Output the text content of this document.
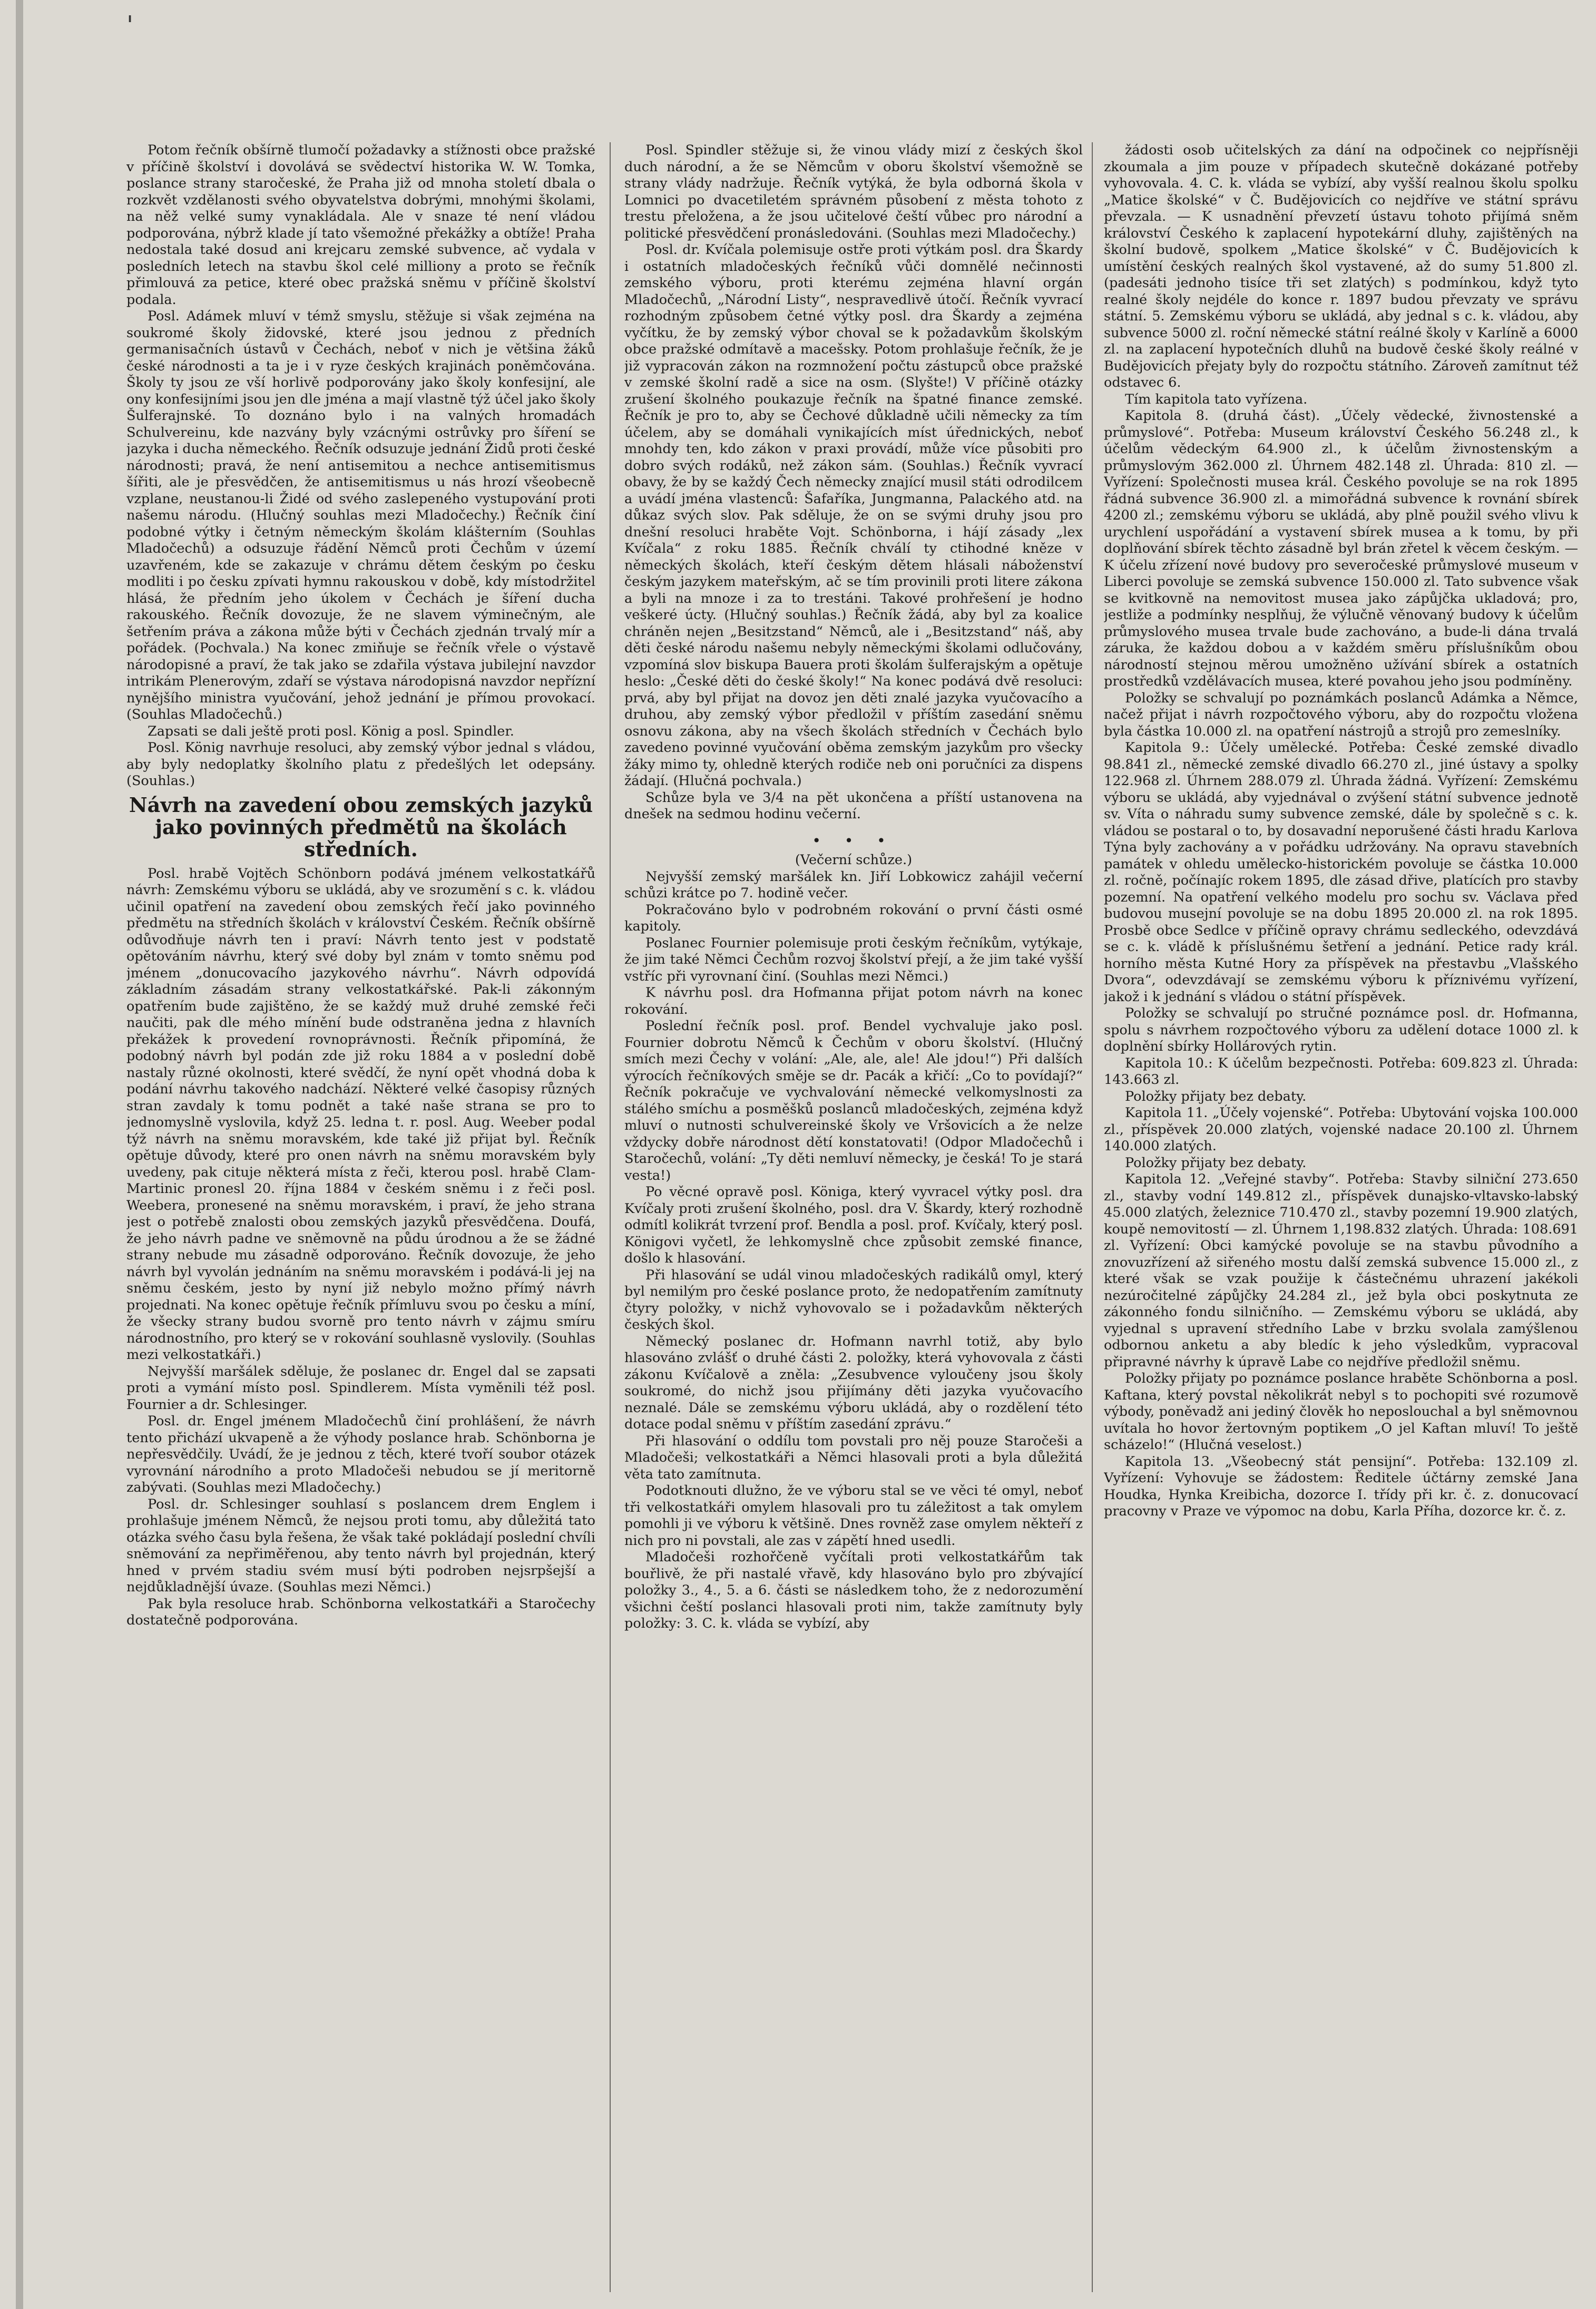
'

Potom řečník obšírně tlumočí požadavky a stížnosti obce pražské v příčině školství i dovolává se svědectví historika W. W. Tomka, poslance strany staročeské, že Praha již od mnoha století dbala o rozkvět vzdělanosti svého obyvatelstva dobrými, mnohými školami, na něž velké sumy vynakládala. Ale v snaze té není vládou podporována, nýbrž klade jí tato všemožné překážky a obtíže! Praha nedostala také dosud ani krejcaru zemské subvence, ač vydala v posledních letech na stavbu škol celé milliony a proto se řečník přimlouvá za petice, které obec pražská sněmu v příčině školství podala.

Posl. Adámek mluví v témž smyslu, stěžuje si však zejména na soukromé školy židovské, které jsou jednou z předních germanisačních ústavů v Čechách, neboť v nich je většina žáků české národnosti a ta je i v ryze českých krajinách poněmčována. Školy ty jsou ze vší horlivě podporovány jako školy konfesijní, ale ony konfesijními jsou jen dle jména a mají vlastně týž účel jako školy Šulferajnské. To doznáno bylo i na valných hromadách Schulvereinu, kde nazvány byly vzácnými ostrůvky pro šíření se jazyka i ducha německého. Řečník odsuzuje jednání Židů proti české národnosti; pravá, že není antisemitou a nechce antisemitismus šířiti, ale je přesvědčen, že antisemitismus u nás hrozí všeobecně vzplane, neustanou-li Židé od svého zaslepeného vystupování proti našemu národu. (Hlučný souhlas mezi Mladočechy.) Řečník činí podobné výtky i četným německým školám klášterním (Souhlas Mladočechů) a odsuzuje řádění Němců proti Čechům v území uzavřeném, kde se zakazuje v chrámu dětem českým po česku modliti i po česku zpívati hymnu rakouskou v době, kdy místodržitel hlásá, že předním jeho úkolem v Čechách je šíření ducha rakouského. Řečník dovozuje, že ne slavem výminečným, ale šetřením práva a zákona může býti v Čechách zjednán trvalý mír a pořádek. (Pochvala.) Na konec zmiňuje se řečník vřele o výstavě národopisné a praví, že tak jako se zdařila výstava jubilejní navzdor intrikám Plenerovým, zdaří se výstava národopisná navzdor nepřízní nynějšího ministra vyučování, jehož jednání je přímou provokací. (Souhlas Mladočechů.)

Zapsati se dali ještě proti posl. König a posl. Spindler.

Posl. König navrhuje resoluci, aby zemský výbor jednal s vládou, aby byly nedoplatky školního platu z předešlých let odepsány. (Souhlas.)

Návrh na zavedení obou zemských jazyků jako povinných předmětů na školách středních.

Posl. hrabě Vojtěch Schönborn podává jménem velkostatkářů návrh: Zemskému výboru se ukládá, aby ve srozumění s c. k. vládou učinil opatření na zavedení obou zemských řečí jako povinného předmětu na středních školách v království Českém. Řečník obšírně odůvodňuje návrh ten i praví: Návrh tento jest v podstatě opětováním návrhu, který své doby byl znám v tomto sněmu pod jménem „donucovacího jazykového návrhu“. Návrh odpovídá základním zásadám strany velkostatkářské. Pak-li zákonným opatřením bude zajištěno, že se každý muž druhé zemské řeči naučiti, pak dle mého mínění bude odstraněna jedna z hlavních překážek k provedení rovnoprávnosti. Řečník připomíná, že podobný návrh byl podán zde již roku 1884 a v poslední době nastaly různé okolnosti, které svědčí, že nyní opět vhodná doba k podání návrhu takového nadchází. Některé velké časopisy různých stran zavdaly k tomu podnět a také naše strana se pro to jednomyslně vyslovila, když 25. ledna t. r. posl. Aug. Weeber podal týž návrh na sněmu moravském, kde také již přijat byl. Řečník opětuje důvody, které pro onen návrh na sněmu moravském byly uvedeny, pak cituje některá místa z řeči, kterou posl. hrabě Clam-Martinic pronesl 20. října 1884 v českém sněmu i z řeči posl. Weebera, pronesené na sněmu moravském, i praví, že jeho strana jest o potřebě znalosti obou zemských jazyků přesvědčena. Doufá, že jeho návrh padne ve sněmovně na půdu úrodnou a že se žádné strany nebude mu zásadně odporováno. Řečník dovozuje, že jeho návrh byl vyvolán jednáním na sněmu moravském i podává-li jej na sněmu českém, jesto by nyní již nebylo možno přímý návrh projednati. Na konec opětuje řečník přímluvu svou po česku a míní, že všecky strany budou svorně pro tento návrh v zájmu smíru národnostního, pro který se v rokování souhlasně vyslovily. (Souhlas mezi velkostatkáři.)

Nejvyšší maršálek sděluje, že poslanec dr. Engel dal se zapsati proti a vymání místo posl. Spindlerem. Místa vyměnili též posl. Fournier a dr. Schlesinger.

Posl. dr. Engel jménem Mladočechů činí prohlášení, že návrh tento přichází ukvapeně a že výhody poslance hrab. Schönborna je nepřesvědčily. Uvádí, že je jednou z těch, které tvoří soubor otázek vyrovnání národního a proto Mladočeši nebudou se jí meritorně zabývati. (Souhlas mezi Mladočechy.)

Posl. dr. Schlesinger souhlasí s poslancem drem Englem i prohlašuje jménem Němců, že nejsou proti tomu, aby důležitá tato otázka svého času byla řešena, že však také pokládají poslední chvíli sněmování za nepřiměřenou, aby tento návrh byl projednán, který hned v prvém stadiu svém musí býti podroben nejsrpšejší a nejdůkladnější úvaze. (Souhlas mezi Němci.)

Pak byla resoluce hrab. Schönborna velkostatkáři a Staročechy dostatečně podporována.

Posl. Spindler stěžuje si, že vinou vlády mizí z českých škol duch národní, a že se Němcům v oboru školství všemožně se strany vlády nadržuje. Řečník vytýká, že byla odborná škola v Lomnici po dvacetiletém správném působení z města tohoto z trestu přeložena, a že jsou učitelové čeští vůbec pro národní a politické přesvědčení pronásledováni. (Souhlas mezi Mladočechy.)

Posl. dr. Kvíčala polemisuje ostře proti výtkám posl. dra Škardy i ostatních mladočeských řečníků vůči domnělé nečinnosti zemského výboru, proti kterému zejména hlavní orgán Mladočechů, „Národní Listy“, nespravedlivě útočí. Řečník vyvrací rozhodným způsobem četné výtky posl. dra Škardy a zejména vyčítku, že by zemský výbor choval se k požadavkům školským obce pražské odmítavě a macešsky. Potom prohlašuje řečník, že je již vypracován zákon na rozmnožení počtu zástupců obce pražské v zemské školní radě a sice na osm. (Slyšte!) V příčině otázky zrušení školného poukazuje řečník na špatné finance zemské. Řečník je pro to, aby se Čechové důkladně učili německy za tím účelem, aby se domáhali vynikajících míst úřednických, neboť mnohdy ten, kdo zákon v praxi provádí, může více působiti pro dobro svých rodáků, než zákon sám. (Souhlas.) Řečník vyvrací obavy, že by se každý Čech německy znající musil státi odrodilcem a uvádí jména vlastenců: Šafaříka, Jungmanna, Palackého atd. na důkaz svých slov. Pak sděluje, že on se svými druhy jsou pro dnešní resoluci hraběte Vojt. Schönborna, i hájí zásady „lex Kvíčala“ z roku 1885. Řečník chválí ty ctihodné kněze v německých školách, kteří českým dětem hlásali náboženství českým jazykem mateřským, ač se tím provinili proti litere zákona a byli na mnoze i za to trestáni. Takové prohřešení je hodno veškeré úcty. (Hlučný souhlas.) Řečník žádá, aby byl za koalice chráněn nejen „Besitzstand“ Němců, ale i „Besitzstand“ náš, aby děti české národu našemu nebyly německými školami odlučovány, vzpomíná slov biskupa Bauera proti školám šulferajským a opětuje heslo: „České děti do české školy!“ Na konec podává dvě resoluci: prvá, aby byl přijat na dovoz jen děti znalé jazyka vyučovacího a druhou, aby zemský výbor předložil v příštím zasedání sněmu osnovu zákona, aby na všech školách středních v Čechách bylo zavedeno povinné vyučování oběma zemským jazykům pro všecky žáky mimo ty, ohledně kterých rodiče neb oni poručníci za dispens žádají. (Hlučná pochvala.)

Schůze byla ve 3/4 na pět ukončena a příští ustanovena na dnešek na sedmou hodinu večerní.

• • •

(Večerní schůze.)

Nejvyšší zemský maršálek kn. Jiří Lobkowicz zahájil večerní schůzi krátce po 7. hodině večer.

Pokračováno bylo v podrobném rokování o první části osmé kapitoly.

Poslanec Fournier polemisuje proti českým řečníkům, vytýkaje, že jim také Němci Čechům rozvoj školství přejí, a že jim také vyšší vstříc při vyrovnaní činí. (Souhlas mezi Němci.)

K návrhu posl. dra Hofmanna přijat potom návrh na konec rokování.

Poslední řečník posl. prof. Bendel vychvaluje jako posl. Fournier dobrotu Němců k Čechům v oboru školství. (Hlučný smích mezi Čechy v volání: „Ale, ale, ale! Ale jdou!“) Při dalších výrocích řečníkových směje se dr. Pacák a křičí: „Co to povídají?“ Řečník pokračuje ve vychvalování německé velkomyslnosti za stálého smíchu a posměšků poslanců mladočeských, zejména když mluví o nutnosti schulvereinské školy ve Vršovicích a že nelze vždycky dobře národnost dětí konstatovati! (Odpor Mladočechů i Staročechů, volání: „Ty děti nemluví německy, je česká! To je stará vesta!)

Po věcné opravě posl. Königa, který vyvracel výtky posl. dra Kvíčaly proti zrušení školného, posl. dra V. Škardy, který rozhodně odmítl kolikrát tvrzení prof. Bendla a posl. prof. Kvíčaly, který posl. Königovi vyčetl, že lehkomyslně chce způsobit zemské finance, došlo k hlasování.

Při hlasování se udál vinou mladočeských radikálů omyl, který byl nemilým pro české poslance proto, že nedopatřením zamítnuty čtyry položky, v nichž vyhovovalo se i požadavkům některých českých škol.

Německý poslanec dr. Hofmann navrhl totiž, aby bylo hlasováno zvlášť o druhé části 2. položky, která vyhovovala z části zákonu Kvíčalově a zněla: „Zesubvence vyloučeny jsou školy soukromé, do nichž jsou přijímány děti jazyka vyučovacího neznalé. Dále se zemskému výboru ukládá, aby o rozdělení této dotace podal sněmu v příštím zasedání zprávu.“

Při hlasování o oddílu tom povstali pro něj pouze Staročeši a Mladočeši; velkostatkáři a Němci hlasovali proti a byla důležitá věta tato zamítnuta.

Podotknouti dlužno, že ve výboru stal se ve věci té omyl, neboť tři velkostatkáři omylem hlasovali pro tu záležitost a tak omylem pomohli ji ve výboru k většině. Dnes rovněž zase omylem někteří z nich pro ni povstali, ale zas v zápětí hned usedli.

Mladočeši rozhořčeně vyčítali proti velkostatkářům tak bouřlivě, že při nastalé vřavě, kdy hlasováno bylo pro zbývající položky 3., 4., 5. a 6. části se následkem toho, že z nedorozumění všichni čeští poslanci hlasovali proti nim, takže zamítnuty byly položky: 3. C. k. vláda se vybízí, aby

žádosti osob učitelských za dání na odpočinek co nejpřísněji zkoumala a jim pouze v případech skutečně dokázané potřeby vyhovovala. 4. C. k. vláda se vybízí, aby vyšší realnou školu spolku „Matice školské“ v Č. Budějovicích co nejdříve ve státní správu převzala. — K usnadnění převzetí ústavu tohoto přijímá sněm království Českého k zaplacení hypotekární dluhy, zajištěných na školní budově, spolkem „Matice školské“ v Č. Budějovicích k umístění českých realných škol vystavené, až do sumy 51.800 zl. (padesáti jednoho tisíce tři set zlatých) s podmínkou, když tyto realné školy nejdéle do konce r. 1897 budou převzaty ve správu státní. 5. Zemskému výboru se ukládá, aby jednal s c. k. vládou, aby subvence 5000 zl. roční německé státní reálné školy v Karlíně a 6000 zl. na zaplacení hypotečních dluhů na budově české školy reálné v Budějovicích přejaty byly do rozpočtu státního. Zároveň zamítnut též odstavec 6.

Tím kapitola tato vyřízena.

Kapitola 8. (druhá část). „Účely vědecké, živnostenské a průmyslové“. Potřeba: Museum království Českého 56.248 zl., k účelům vědeckým 64.900 zl., k účelům živnostenským a průmyslovým 362.000 zl. Úhrnem 482.148 zl. Úhrada: 810 zl. — Vyřízení: Společnosti musea král. Českého povoluje se na rok 1895 řádná subvence 36.900 zl. a mimořádná subvence k rovnání sbírek 4200 zl.; zemskému výboru se ukládá, aby plně použil svého vlivu k urychlení uspořádání a vystavení sbírek musea a k tomu, by při doplňování sbírek těchto zásadně byl brán zřetel k věcem českým. — K účelu zřízení nové budovy pro severočeské průmyslové museum v Liberci povoluje se zemská subvence 150.000 zl. Tato subvence však se kvitkovně na nemovitost musea jako zápůjčka ukladová; pro, jestliže a podmínky nesplňuj, že výlučně věnovaný budovy k účelům průmyslového musea trvale bude zachováno, a bude-li dána trvalá záruka, že každou dobou a v každém směru příslušníkům obou národností stejnou měrou umožněno užívání sbírek a ostatních prostředků vzdělávacích musea, které povahou jeho jsou podmíněny.

Položky se schvalují po poznámkách poslanců Adámka a Němce, načež přijat i návrh rozpočtového výboru, aby do rozpočtu vložena byla částka 10.000 zl. na opatření nástrojů a strojů pro zemeslníky.

Kapitola 9.: Účely umělecké. Potřeba: České zemské divadlo 98.841 zl., německé zemské divadlo 66.270 zl., jiné ústavy a spolky 122.968 zl. Úhrnem 288.079 zl. Úhrada žádná. Vyřízení: Zemskému výboru se ukládá, aby vyjednával o zvýšení státní subvence jednotě sv. Víta o náhradu sumy subvence zemské, dále by společně s c. k. vládou se postaral o to, by dosavadní neporušené části hradu Karlova Týna byly zachovány a v pořádku udržovány. Na opravu stavebních památek v ohledu umělecko-historickém povoluje se částka 10.000 zl. ročně, počínajíc rokem 1895, dle zásad dřive, platících pro stavby pozemní. Na opatření velkého modelu pro sochu sv. Václava před budovou musejní povoluje se na dobu 1895 20.000 zl. na rok 1895. Prosbě obce Sedlce v příčině opravy chrámu sedleckého, odevzdává se c. k. vládě k příslušnému šetření a jednání. Petice rady král. horního města Kutné Hory za příspěvek na přestavbu „Vlašského Dvora“, odevzdávají se zemskému výboru k příznivému vyřízení, jakož i k jednání s vládou o státní příspěvek.

Položky se schvalují po stručné poznámce posl. dr. Hofmanna, spolu s návrhem rozpočtového výboru za udělení dotace 1000 zl. k doplnění sbírky Hollárových rytin.

Kapitola 10.: K účelům bezpečnosti. Potřeba: 609.823 zl. Úhrada: 143.663 zl.

Položky přijaty bez debaty.

Kapitola 11. „Účely vojenské“. Potřeba: Ubytování vojska 100.000 zl., příspěvek 20.000 zlatých, vojenské nadace 20.100 zl. Úhrnem 140.000 zlatých.

Položky přijaty bez debaty.

Kapitola 12. „Veřejné stavby“. Potřeba: Stavby silniční 273.650 zl., stavby vodní 149.812 zl., příspěvek dunajsko-vltavsko-labský 45.000 zlatých, železnice 710.470 zl., stavby pozemní 19.900 zlatých, koupě nemovitostí — zl. Úhrnem 1,198.832 zlatých. Úhrada: 108.691 zl. Vyřízení: Obci kamýcké povoluje se na stavbu původního a znovuzřízení až siřeného mostu další zemská subvence 15.000 zl., z které však se vzak použije k částečnému uhrazení jakékoli nezúročitelné zápůjčky 24.284 zl., jež byla obci poskytnuta ze zákonného fondu silničního. — Zemskému výboru se ukládá, aby vyjednal s upravení středního Labe v brzku svolala zamýšlenou odbornou anketu a aby bledíc k jeho výsledkům, vypracoval připravné návrhy k úpravě Labe co nejdříve předložil sněmu.

Položky přijaty po poznámce poslance hraběte Schönborna a posl. Kaftana, který povstal několikrát nebyl s to pochopiti své rozumově výbody, poněvadž ani jediný člověk ho neposlouchal a byl sněmovnou uvítala ho hovor žertovným poptikem „O jel Kaftan mluví! To ještě scházelo!“ (Hlučná veselost.)

Kapitola 13. „Všeobecný stát pensijní“. Potřeba: 132.109 zl. Vyřízení: Vyhovuje se žádostem: Ředitele účtárny zemské Jana Houdka, Hynka Kreibicha, dozorce I. třídy při kr. č. z. donucovací pracovny v Praze ve výpomoc na dobu, Karla Příha, dozorce kr. č. z.
